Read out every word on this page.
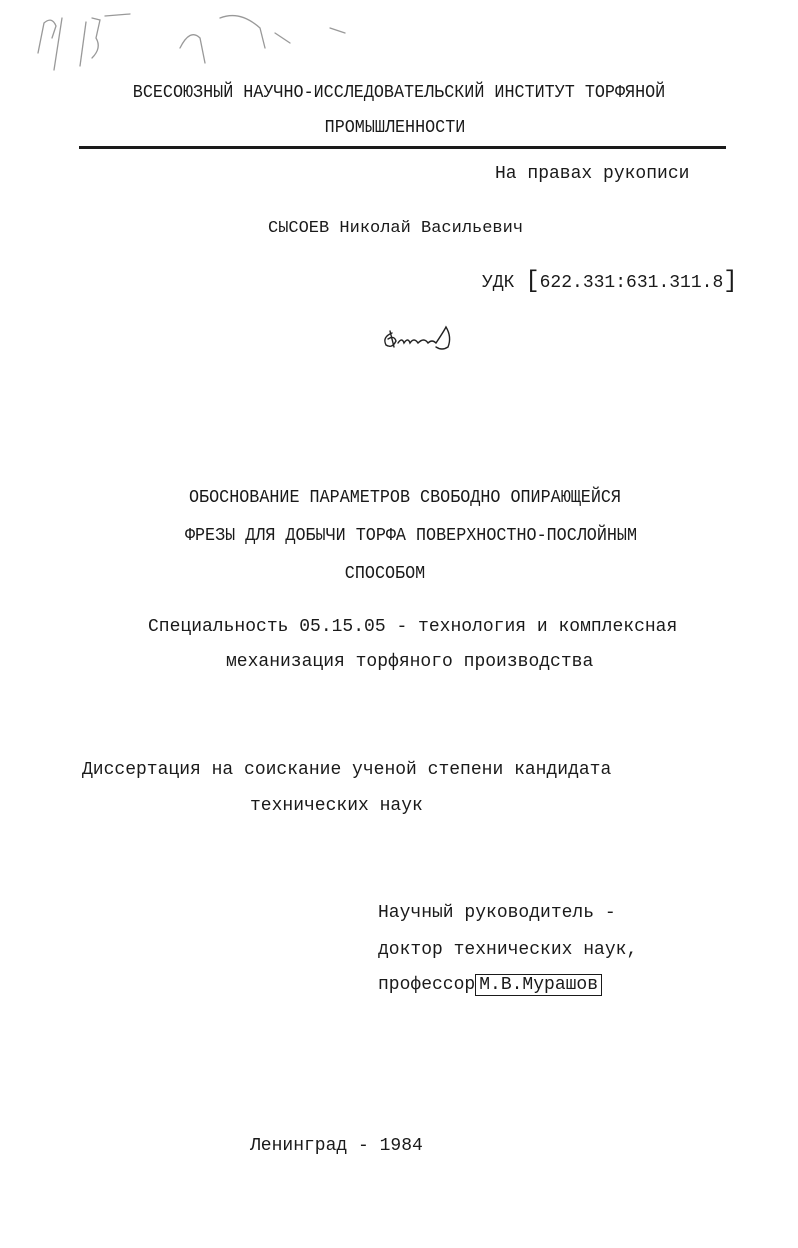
ВСЕСОЮЗНЫЙ НАУЧНО-ИССЛЕДОВАТЕЛЬСКИЙ ИНСТИТУТ ТОРФЯНОЙ
ПРОМЫШЛЕННОСТИ
На правах рукописи
СЫСОЕВ Николай Васильевич
УДК [622.331:631.311.8]
ОБОСНОВАНИЕ ПАРАМЕТРОВ СВОБОДНО ОПИРАЮЩЕЙСЯ
ФРЕЗЫ ДЛЯ ДОБЫЧИ ТОРФА ПОВЕРХНОСТНО-ПОСЛОЙНЫМ
СПОСОБОМ
Специальность 05.15.05 - технология и комплексная
механизация торфяного производства
Диссертация на соискание ученой степени кандидата
технических наук
Научный руководитель -
доктор технических наук,
профессор М.В.Мурашов
Ленинград - 1984
